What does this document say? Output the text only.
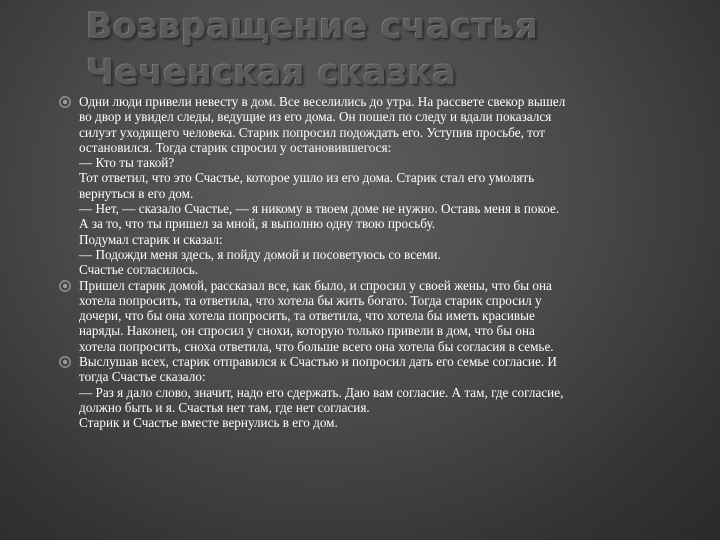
Возвращение счастья
Чеченская сказка
Одни люди привели невесту в дом. Все веселились до утра. На рассвете свекор вышел
во двор и увидел следы, ведущие из его дома. Он пошел по следу и вдали показался
силуэт уходящего человека. Старик попросил подождать его. Уступив просьбе, тот
остановился. Тогда старик спросил у остановившегося:
— Кто ты такой?
Тот ответил, что это Счастье, которое ушло из его дома. Старик стал его умолять
вернуться в его дом.
— Нет, — сказало Счастье, — я никому в твоем доме не нужно. Оставь меня в покое.
А за то, что ты пришел за мной, я выполню одну твою просьбу.
Подумал старик и сказал:
— Подожди меня здесь, я пойду домой и посоветуюсь со всеми.
Счастье согласилось.
Пришел старик домой, рассказал все, как было, и спросил у своей жены, что бы она
хотела попросить, та ответила, что хотела бы жить богато. Тогда старик спросил у
дочери, что бы она хотела попросить, та ответила, что хотела бы иметь красивые
наряды. Наконец, он спросил у снохи, которую только привели в дом, что бы она
хотела попросить, сноха ответила, что больше всего она хотела бы согласия в семье.
Выслушав всех, старик отправился к Счастью и попросил дать его семье согласие. И
тогда Счастье сказало:
— Раз я дало слово, значит, надо его сдержать. Даю вам согласие. А там, где согласие,
должно быть и я. Счастья нет там, где нет согласия.
Старик и Счастье вместе вернулись в его дом.
